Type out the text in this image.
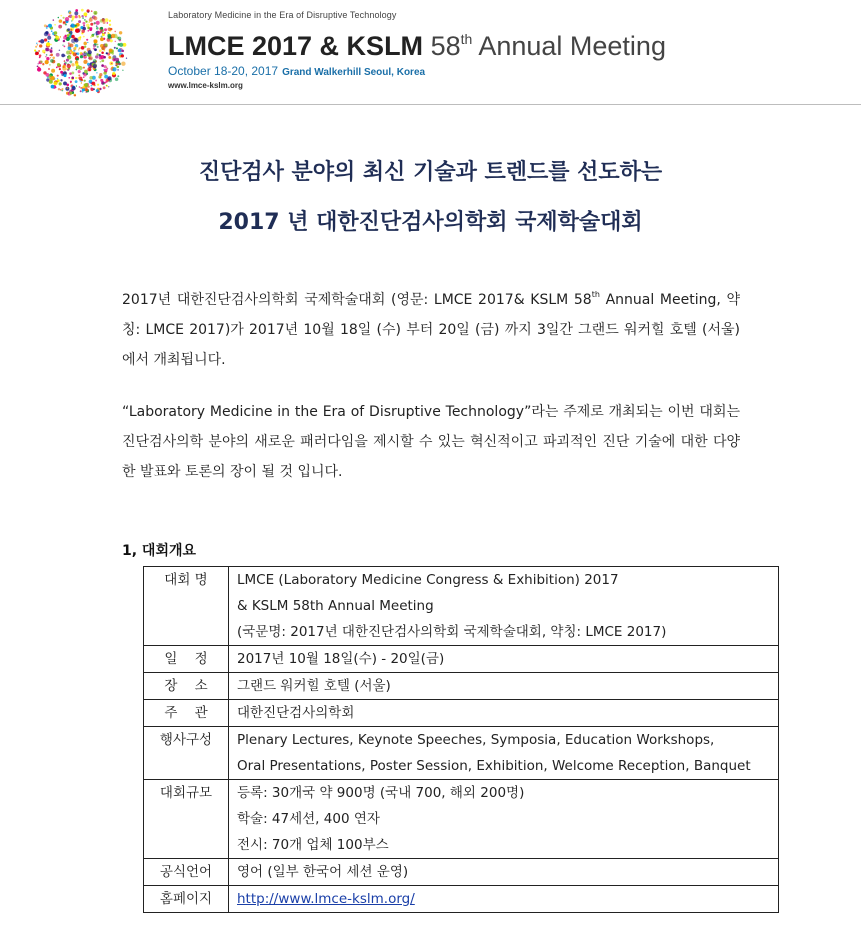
Laboratory Medicine in the Era of Disruptive Technology
LMCE 2017 & KSLM 58th Annual Meeting
October 18-20, 2017 Grand Walkerhill Seoul, Korea
www.lmce-kslm.org
진단검사 분야의 최신 기술과 트렌드를 선도하는
2017 년 대한진단검사의학회 국제학술대회
2017년 대한진단검사의학회 국제학술대회 (영문: LMCE 2017& KSLM 58th Annual Meeting, 약칭: LMCE 2017)가 2017년 10월 18일 (수) 부터 20일 (금) 까지 3일간 그랜드 워커힐 호텔 (서울)에서 개최됩니다.
“Laboratory Medicine in the Era of Disruptive Technology”라는 주제로 개최되는 이번 대회는 진단검사의학 분야의 새로운 패러다임을 제시할 수 있는 혁신적이고 파괴적인 진단 기술에 대한 다양한 발표와 토론의 장이 될 것 입니다.
1, 대회개요
대회 명	LMCE (Laboratory Medicine Congress & Exhibition) 2017
& KSLM 58th Annual Meeting
(국문명: 2017년 대한진단검사의학회 국제학술대회, 약칭: LMCE 2017)

일    정	2017년 10월 18일(수) - 20일(금)

장    소	그랜드 워커힐 호텔 (서울)

주    관	대한진단검사의학회

행사구성	Plenary Lectures, Keynote Speeches, Symposia, Education Workshops,
Oral Presentations, Poster Session, Exhibition, Welcome Reception, Banquet

대회규모	등록: 30개국 약 900명 (국내 700, 해외 200명)
학술: 47세션, 400 연자
전시: 70개 업체 100부스

공식언어	영어 (일부 한국어 세션 운영)

홈페이지	http://www.lmce-kslm.org/
